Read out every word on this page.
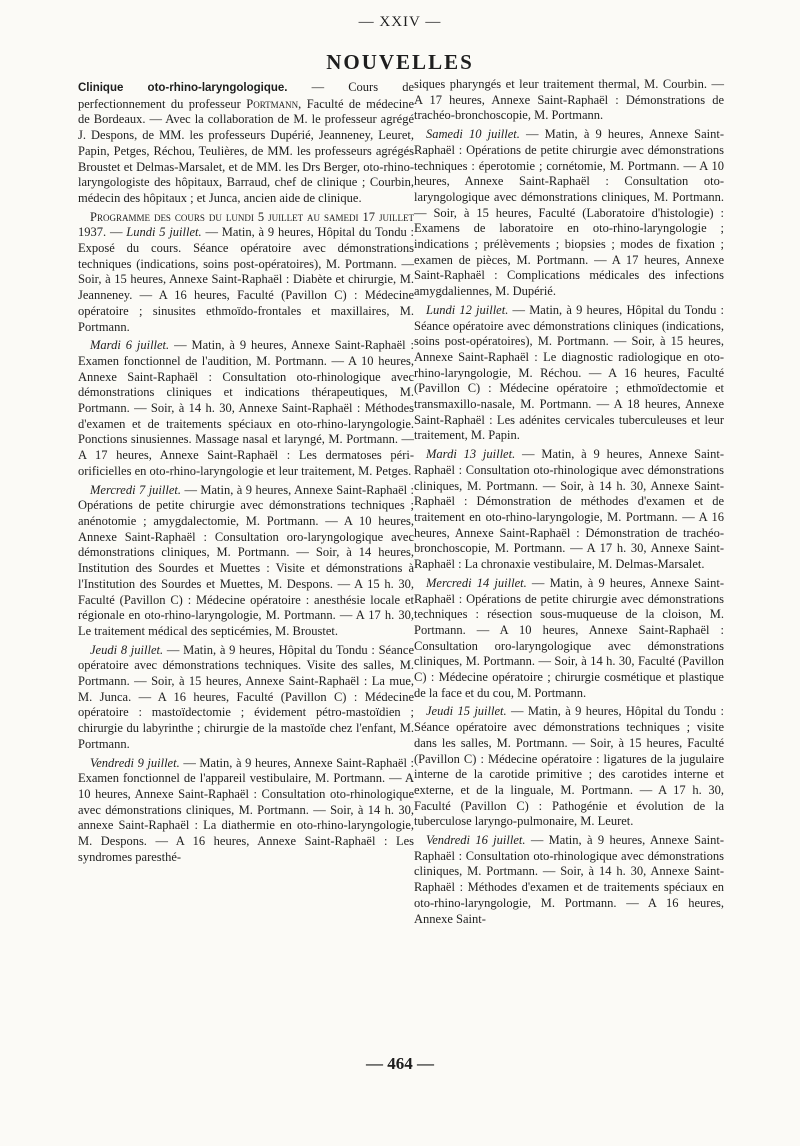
— XXIV —
NOUVELLES

Clinique oto-rhino-laryngologique. — Cours de perfectionnement du professeur Portmann, Faculté de médecine de Bordeaux. — Avec la collaboration de M. le professeur agrégé J. Despons, de MM. les professeurs Dupérié, Jeanneney, Leuret, Papin, Petges, Réchou, Teulières, de MM. les professeurs agrégés Broustet et Delmas-Marsalet, et de MM. les Drs Berger, oto-rhino-laryngologiste des hôpitaux, Barraud, chef de clinique ; Courbin, médecin des hôpitaux ; et Junca, ancien aide de clinique.

Programme des cours du lundi 5 juillet au samedi 17 juillet 1937. — Lundi 5 juillet. — Matin, à 9 heures, Hôpital du Tondu : Exposé du cours. Séance opératoire avec démonstrations techniques (indications, soins post-opératoires), M. Portmann. — Soir, à 15 heures, Annexe Saint-Raphaël : Diabète et chirurgie, M. Jeanneney. — A 16 heures, Faculté (Pavillon C) : Médecine opératoire ; sinusites ethmoïdo-frontales et maxillaires, M. Portmann.

Mardi 6 juillet. — Matin, à 9 heures, Annexe Saint-Raphaël : Examen fonctionnel de l'audition, M. Portmann. — A 10 heures, Annexe Saint-Raphaël : Consultation oto-rhinologique avec démonstrations cliniques et indications thérapeutiques, M. Portmann. — Soir, à 14 h. 30, Annexe Saint-Raphaël : Méthodes d'examen et de traitements spéciaux en oto-rhino-laryngologie. Ponctions sinusiennes. Massage nasal et laryngé, M. Portmann. — A 17 heures, Annexe Saint-Raphaël : Les dermatoses péri-orificielles en oto-rhino-laryngologie et leur traitement, M. Petges.

Mercredi 7 juillet. — Matin, à 9 heures, Annexe Saint-Raphaël : Opérations de petite chirurgie avec démonstrations techniques ; anénotomie ; amygdalectomie, M. Portmann. — A 10 heures, Annexe Saint-Raphaël : Consultation oro-laryngologique avec démonstrations cliniques, M. Portmann. — Soir, à 14 heures, Institution des Sourdes et Muettes : Visite et démonstrations à l'Institution des Sourdes et Muettes, M. Despons. — A 15 h. 30, Faculté (Pavillon C) : Médecine opératoire : anesthésie locale et régionale en oto-rhino-laryngologie, M. Portmann. — A 17 h. 30, Le traitement médical des septicémies, M. Broustet.

Jeudi 8 juillet. — Matin, à 9 heures, Hôpital du Tondu : Séance opératoire avec démonstrations techniques. Visite des salles, M. Portmann. — Soir, à 15 heures, Annexe Saint-Raphaël : La mue, M. Junca. — A 16 heures, Faculté (Pavillon C) : Médecine opératoire : mastoïdectomie ; évidement pétro-mastoïdien ; chirurgie du labyrinthe ; chirurgie de la mastoïde chez l'enfant, M. Portmann.

Vendredi 9 juillet. — Matin, à 9 heures, Annexe Saint-Raphaël : Examen fonctionnel de l'appareil vestibulaire, M. Portmann. — A 10 heures, Annexe Saint-Raphaël : Consultation oto-rhinologique avec démonstrations cliniques, M. Portmann. — Soir, à 14 h. 30, annexe Saint-Raphaël : La diathermie en oto-rhino-laryngologie, M. Despons. — A 16 heures, Annexe Saint-Raphaël : Les syndromes paresthé-

siques pharyngés et leur traitement thermal, M. Courbin. — A 17 heures, Annexe Saint-Raphaël : Démonstrations de trachéo-bronchoscopie, M. Portmann.

Samedi 10 juillet. — Matin, à 9 heures, Annexe Saint-Raphaël : Opérations de petite chirurgie avec démonstrations techniques : éperotomie ; cornétomie, M. Portmann. — A 10 heures, Annexe Saint-Raphaël : Consultation oto-laryngologique avec démonstrations cliniques, M. Portmann. — Soir, à 15 heures, Faculté (Laboratoire d'histologie) : Examens de laboratoire en oto-rhino-laryngologie ; indications ; prélèvements ; biopsies ; modes de fixation ; examen de pièces, M. Portmann. — A 17 heures, Annexe Saint-Raphaël : Complications médicales des infections amygdaliennes, M. Dupérié.

Lundi 12 juillet. — Matin, à 9 heures, Hôpital du Tondu : Séance opératoire avec démonstrations cliniques (indications, soins post-opératoires), M. Portmann. — Soir, à 15 heures, Annexe Saint-Raphaël : Le diagnostic radiologique en oto-rhino-laryngologie, M. Réchou. — A 16 heures, Faculté (Pavillon C) : Médecine opératoire ; ethmoïdectomie et transmaxillo-nasale, M. Portmann. — A 18 heures, Annexe Saint-Raphaël : Les adénites cervicales tuberculeuses et leur traitement, M. Papin.

Mardi 13 juillet. — Matin, à 9 heures, Annexe Saint-Raphaël : Consultation oto-rhinologique avec démonstrations cliniques, M. Portmann. — Soir, à 14 h. 30, Annexe Saint-Raphaël : Démonstration de méthodes d'examen et de traitement en oto-rhino-laryngologie, M. Portmann. — A 16 heures, Annexe Saint-Raphaël : Démonstration de trachéo-bronchoscopie, M. Portmann. — A 17 h. 30, Annexe Saint-Raphaël : La chronaxie vestibulaire, M. Delmas-Marsalet.

Mercredi 14 juillet. — Matin, à 9 heures, Annexe Saint-Raphaël : Opérations de petite chirurgie avec démonstrations techniques : résection sous-muqueuse de la cloison, M. Portmann. — A 10 heures, Annexe Saint-Raphaël : Consultation oro-laryngologique avec démonstrations cliniques, M. Portmann. — Soir, à 14 h. 30, Faculté (Pavillon C) : Médecine opératoire ; chirurgie cosmétique et plastique de la face et du cou, M. Portmann.

Jeudi 15 juillet. — Matin, à 9 heures, Hôpital du Tondu : Séance opératoire avec démonstrations techniques ; visite dans les salles, M. Portmann. — Soir, à 15 heures, Faculté (Pavillon C) : Médecine opératoire : ligatures de la jugulaire interne de la carotide primitive ; des carotides interne et externe, et de la linguale, M. Portmann. — A 17 h. 30, Faculté (Pavillon C) : Pathogénie et évolution de la tuberculose laryngo-pulmonaire, M. Leuret.

Vendredi 16 juillet. — Matin, à 9 heures, Annexe Saint-Raphaël : Consultation oto-rhinologique avec démonstrations cliniques, M. Portmann. — Soir, à 14 h. 30, Annexe Saint-Raphaël : Méthodes d'examen et de traitements spéciaux en oto-rhino-laryngologie, M. Portmann. — A 16 heures, Annexe Saint-

— 464 —
